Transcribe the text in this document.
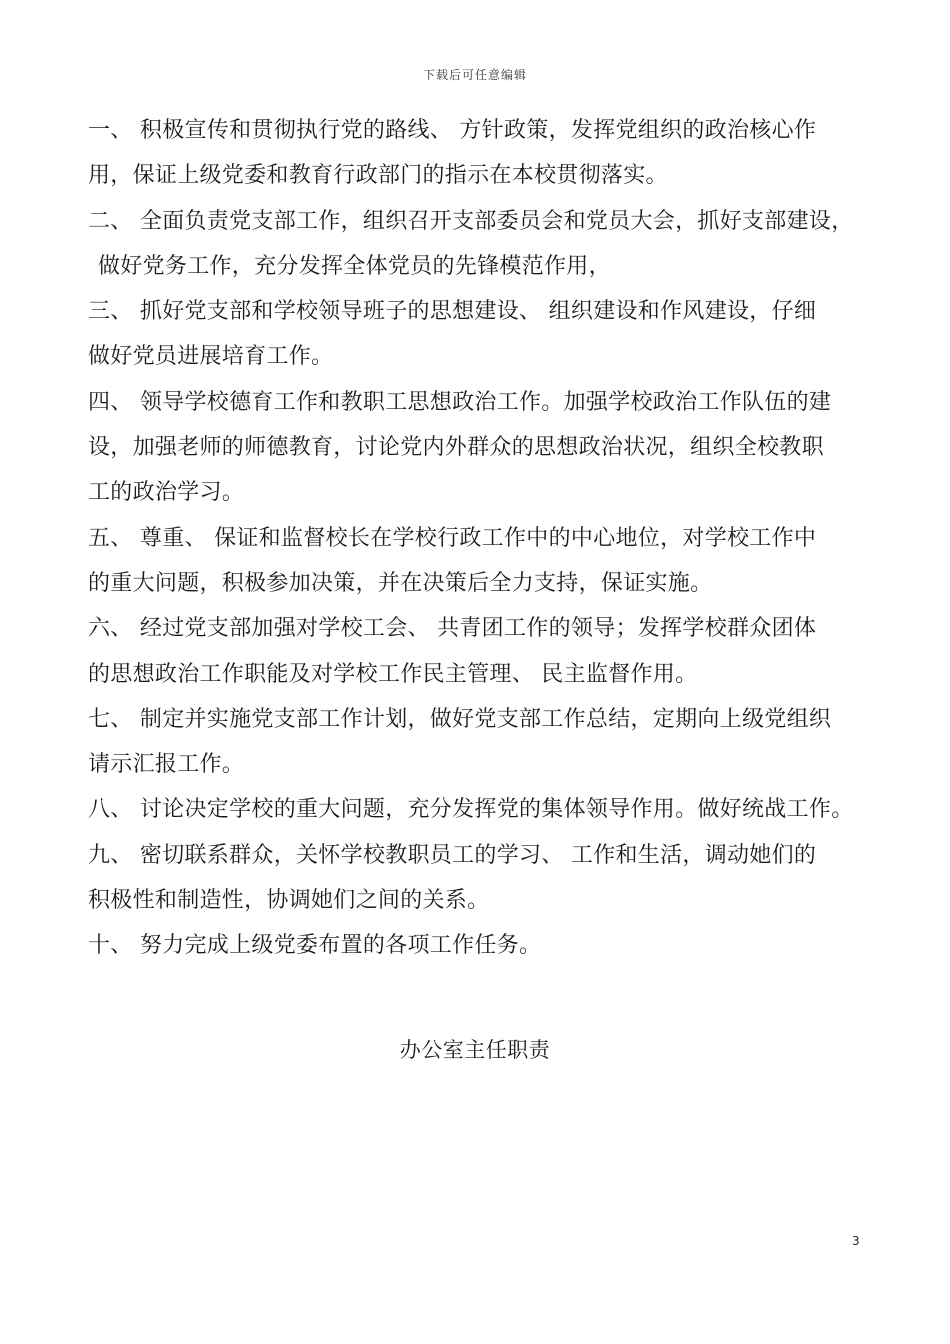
下载后可任意编辑
一、 积极宣传和贯彻执行党的路线、 方针政策，发挥党组织的政治核心作
用，保证上级党委和教育行政部门的指示在本校贯彻落实。
二、 全面负责党支部工作，组织召开支部委员会和党员大会，抓好支部建设，
做好党务工作，充分发挥全体党员的先锋模范作用，
三、 抓好党支部和学校领导班子的思想建设、 组织建设和作风建设，仔细
做好党员进展培育工作。
四、 领导学校德育工作和教职工思想政治工作。加强学校政治工作队伍的建
设，加强老师的师德教育，讨论党内外群众的思想政治状况，组织全校教职
工的政治学习。
五、 尊重、 保证和监督校长在学校行政工作中的中心地位，对学校工作中
的重大问题，积极参加决策，并在决策后全力支持，保证实施。
六、 经过党支部加强对学校工会、 共青团工作的领导；发挥学校群众团体
的思想政治工作职能及对学校工作民主管理、 民主监督作用。
七、 制定并实施党支部工作计划，做好党支部工作总结，定期向上级党组织
请示汇报工作。
八、 讨论决定学校的重大问题，充分发挥党的集体领导作用。做好统战工作。
九、 密切联系群众，关怀学校教职员工的学习、 工作和生活，调动她们的
积极性和制造性，协调她们之间的关系。
十、 努力完成上级党委布置的各项工作任务。
办公室主任职责
3
